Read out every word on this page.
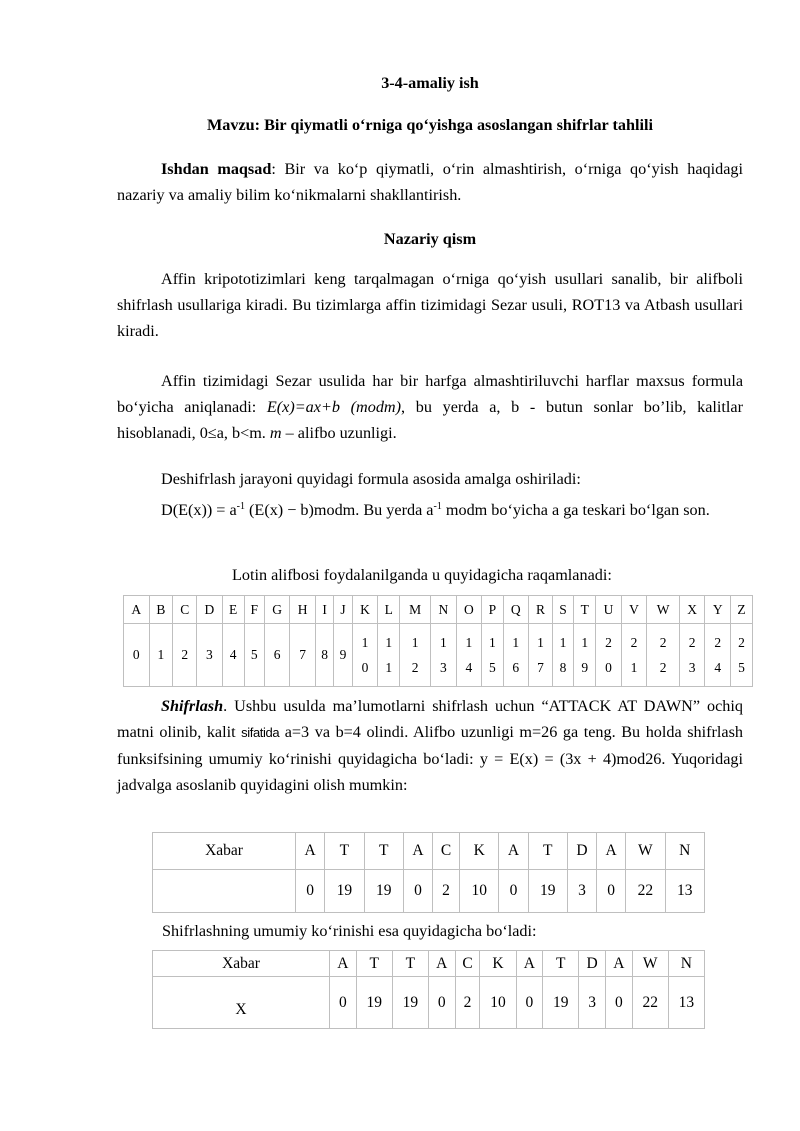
3-4-amaliy ish
Mavzu: Bir qiymatli o‘rniga qo‘yishga asoslangan shifrlar tahlili

Ishdan maqsad: Bir va ko‘p qiymatli, o‘rin almashtirish, o‘rniga qo‘yish haqidagi nazariy va amaliy bilim ko‘nikmalarni shakllantirish.

Nazariy qism

Affin kripototizimlari keng tarqalmagan o‘rniga qo‘yish usullari sanalib, bir alifboli shifrlash usullariga kiradi. Bu tizimlarga affin tizimidagi Sezar usuli, ROT13 va Atbash usullari kiradi.

Affin tizimidagi Sezar usulida har bir harfga almashtiriluvchi harflar maxsus formula bo‘yicha aniqlanadi: E(x)=ax+b (modm), bu yerda a, b - butun sonlar bo’lib, kalitlar hisoblanadi, 0≤a, b<m. m – alifbo uzunligi.

Deshifrlash jarayoni quyidagi formula asosida amalga oshiriladi:

$D(E(x)) = a^{-1}$ (E(x) − b)modm. Bu yerda $a^{-1}$ modm bo‘yicha a ga teskari bo‘lgan son.

Lotin alifbosi foydalanilganda u quyidagicha raqamlanadi:

Shifrlash. Ushbu usulda ma’lumotlarni shifrlash uchun “ATTACK AT DAWN” ochiq matni olinib, kalit sifatida a=3 va b=4 olindi. Alifbo uzunligi m=26 ga teng. Bu holda shifrlash funksifsining umumiy ko‘rinishi quyidagicha bo‘ladi: y = E(x) = (3x + 4)mod26. Yuqoridagi jadvalga asoslanib quyidagini olish mumkin:

Shifrlashning umumiy ko‘rinishi esa quyidagicha bo‘ladi:

A	B	C	D	E	F	G	H	I	J	K	L	M	N	O	P	Q	R	S	T	U	V	W	X	Y	Z
0	1	2	3	4	5	6	7	8	9	10	11	12	13	14	15	16	17	18	19	20	21	22	23	24	25
Xabar	A	T	T	A	C	K	A	T	D	A	W	N
	0	19	19	0	2	10	0	19	3	0	22	13
Xabar	A	T	T	A	C	K	A	T	D	A	W	N
X	0	19	19	0	2	10	0	19	3	0	22	13
